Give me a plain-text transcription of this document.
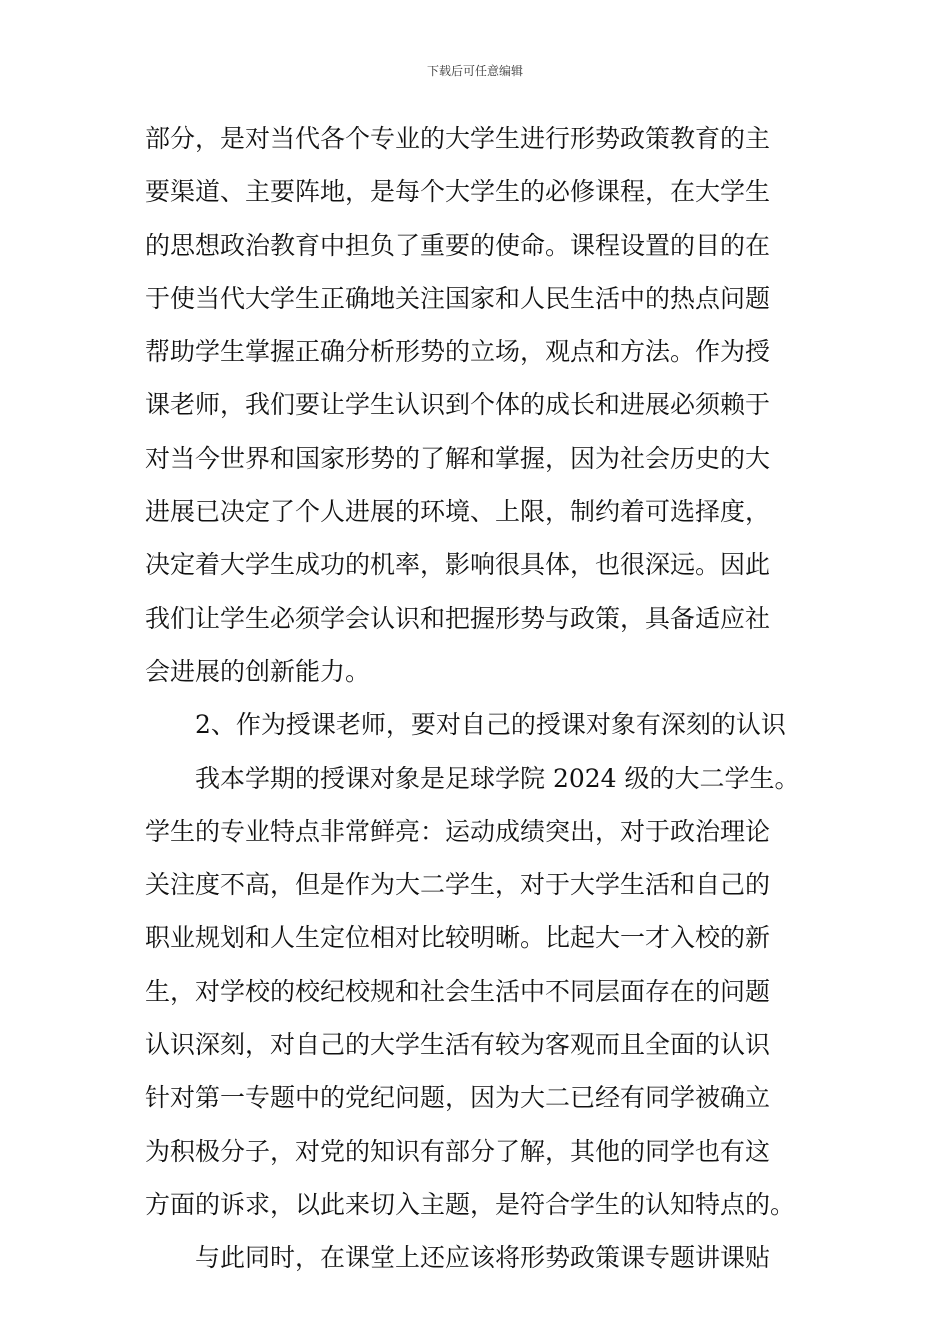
下载后可任意编辑
部分，是对当代各个专业的大学生进行形势政策教育的主
要渠道、主要阵地，是每个大学生的必修课程，在大学生
的思想政治教育中担负了重要的使命。课程设置的目的在
于使当代大学生正确地关注国家和人民生活中的热点问题
帮助学生掌握正确分析形势的立场，观点和方法。作为授
课老师，我们要让学生认识到个体的成长和进展必须赖于
对当今世界和国家形势的了解和掌握，因为社会历史的大
进展已决定了个人进展的环境、上限，制约着可选择度，
决定着大学生成功的机率，影响很具体，也很深远。因此
我们让学生必须学会认识和把握形势与政策，具备适应社
会进展的创新能力。
2、作为授课老师，要对自己的授课对象有深刻的认识
我本学期的授课对象是足球学院 2024 级的大二学生。
学生的专业特点非常鲜亮：运动成绩突出，对于政治理论
关注度不高，但是作为大二学生，对于大学生活和自己的
职业规划和人生定位相对比较明晰。比起大一才入校的新
生，对学校的校纪校规和社会生活中不同层面存在的问题
认识深刻，对自己的大学生活有较为客观而且全面的认识
针对第一专题中的党纪问题，因为大二已经有同学被确立
为积极分子，对党的知识有部分了解，其他的同学也有这
方面的诉求，以此来切入主题，是符合学生的认知特点的。
与此同时，在课堂上还应该将形势政策课专题讲课贴
